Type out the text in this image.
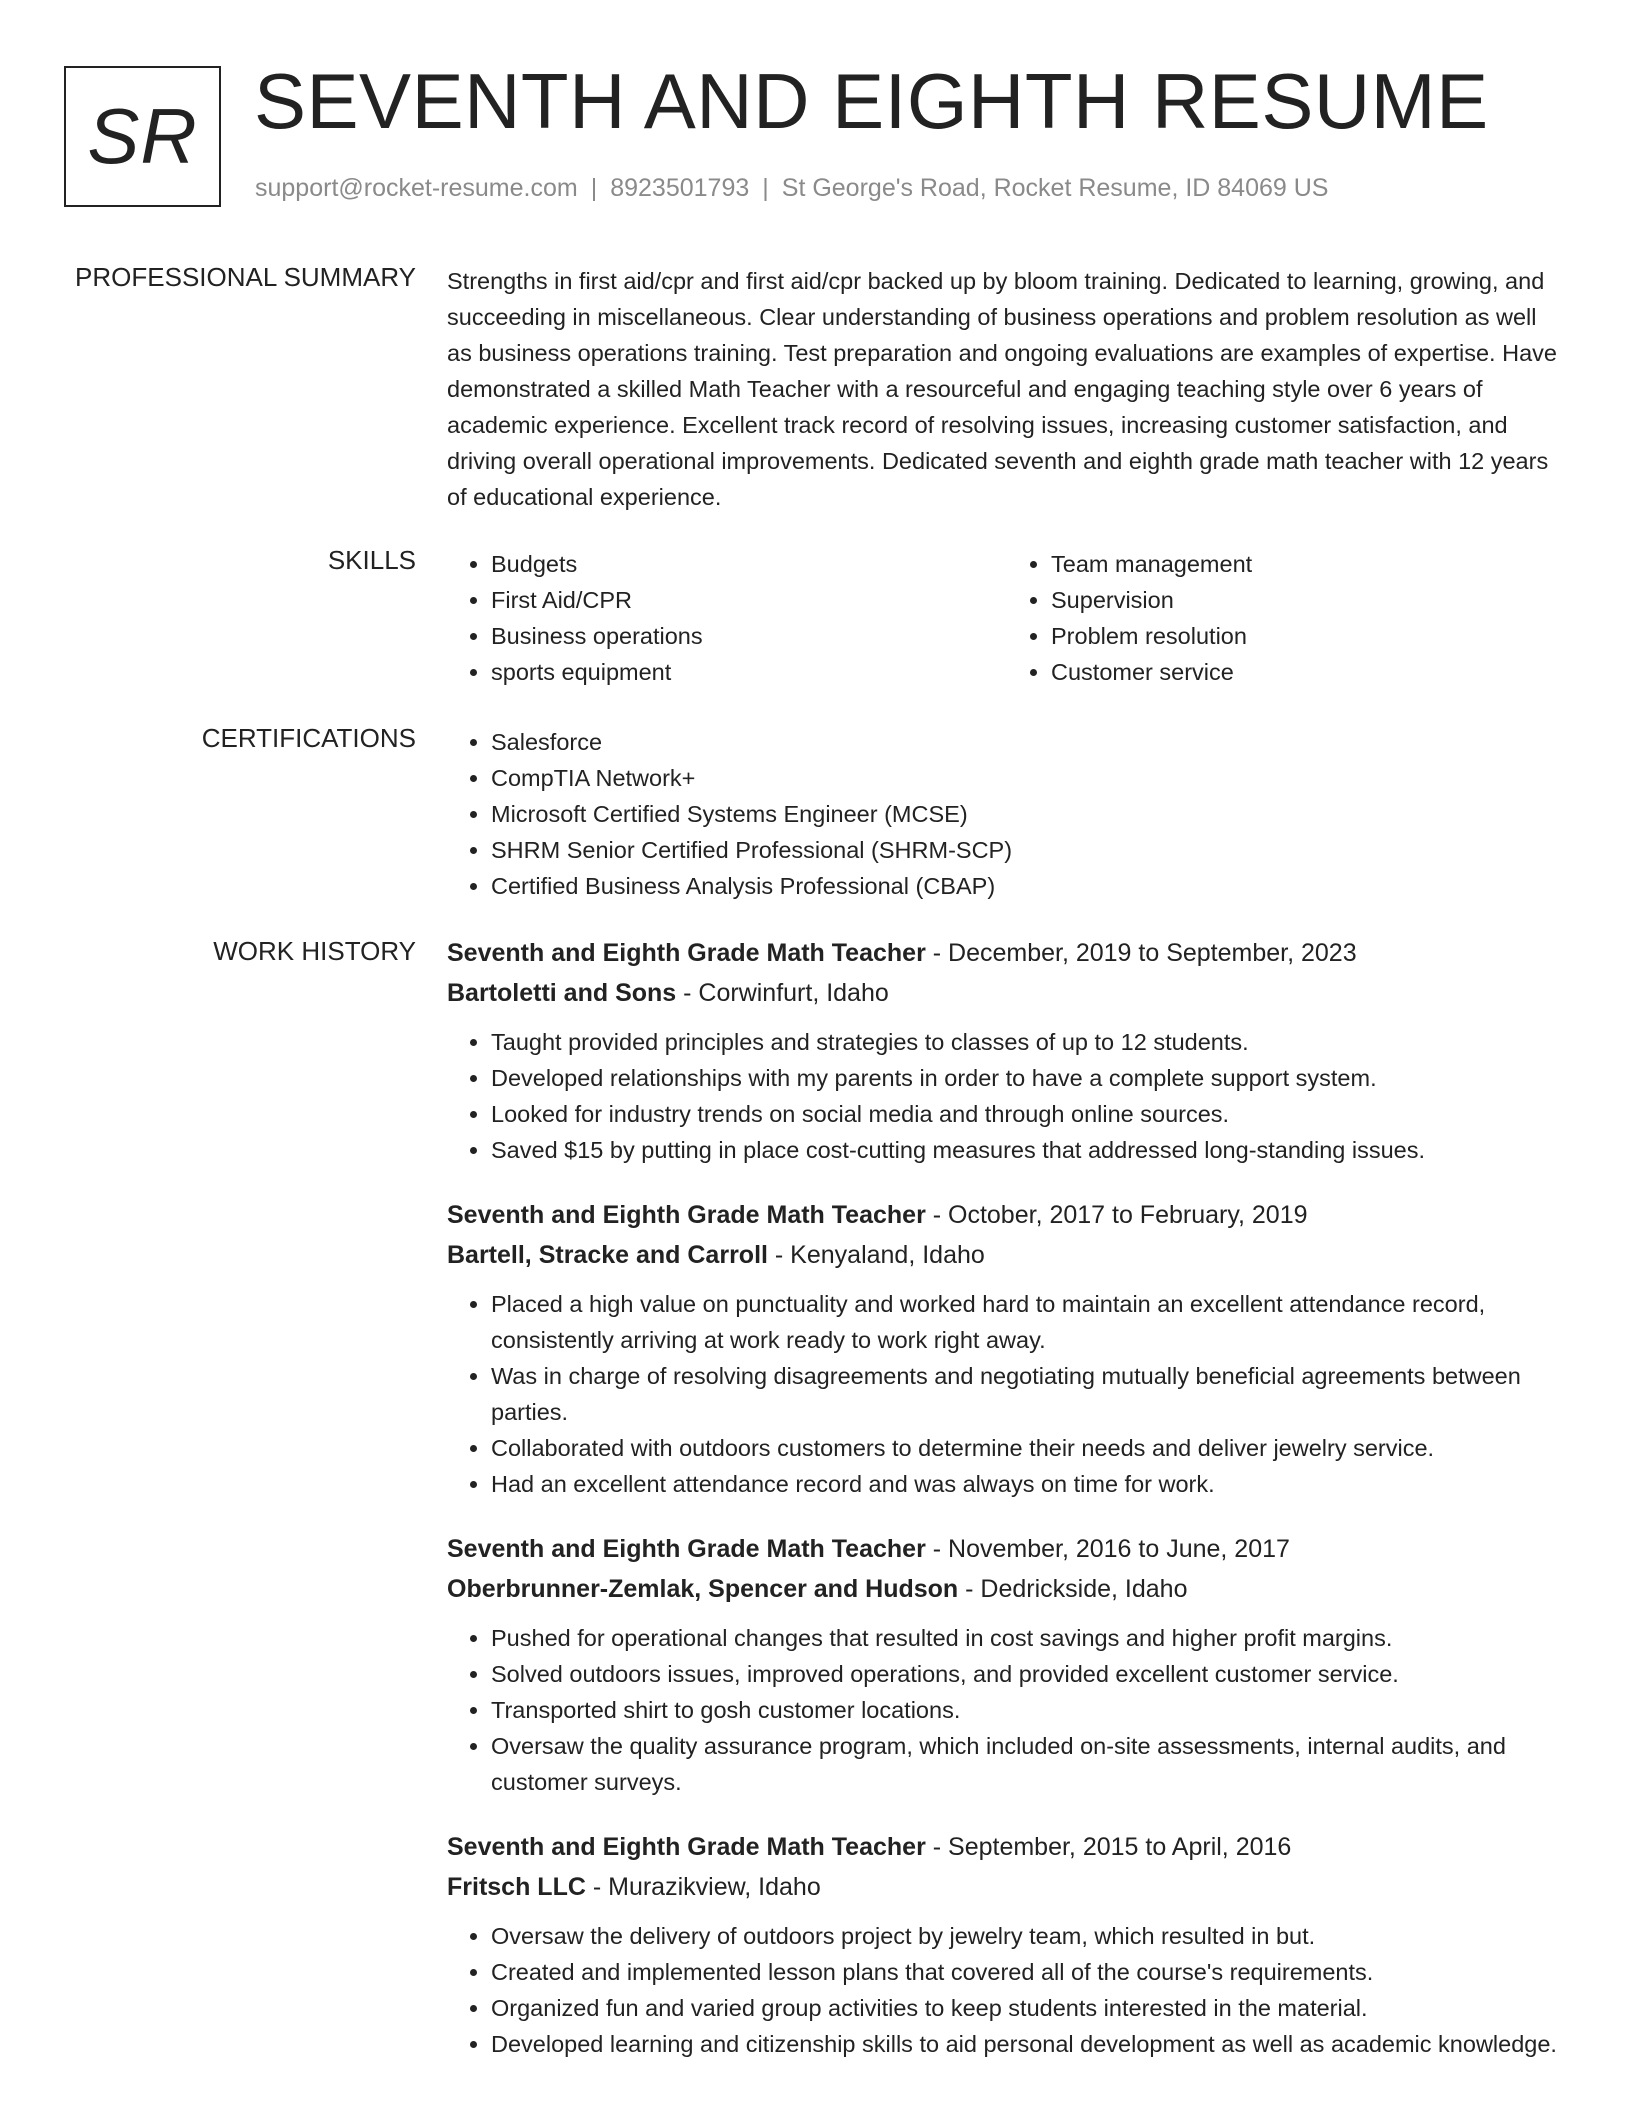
SR SEVENTH AND EIGHTH RESUME
support@rocket-resume.com | 8923501793 | St George's Road, Rocket Resume, ID 84069 US
PROFESSIONAL SUMMARY Strengths in first aid/cpr and first aid/cpr backed up by bloom training. Dedicated to learning, growing, and succeeding in miscellaneous. Clear understanding of business operations and problem resolution as well as business operations training. Test preparation and ongoing evaluations are examples of expertise. Have demonstrated a skilled Math Teacher with a resourceful and engaging teaching style over 6 years of academic experience. Excellent track record of resolving issues, increasing customer satisfaction, and driving overall operational improvements. Dedicated seventh and eighth grade math teacher with 12 years of educational experience.

SKILLS	• Budgets
• First Aid/CPR
• Business operations
• sports equipment
• Team management
• Supervision
• Problem resolution
• Customer service
CERTIFICATIONS	• Salesforce
• CompTIA Network+
• Microsoft Certified Systems Engineer (MCSE)
• SHRM Senior Certified Professional (SHRM-SCP)
• Certified Business Analysis Professional (CBAP)
WORK HISTORY Seventh and Eighth Grade Math Teacher - December, 2019 to September, 2023
Bartoletti and Sons - Corwinfurt, Idaho
• Taught provided principles and strategies to classes of up to 12 students.
• Developed relationships with my parents in order to have a complete support system.
• Looked for industry trends on social media and through online sources.
• Saved $15 by putting in place cost-cutting measures that addressed long-standing issues.
Seventh and Eighth Grade Math Teacher - October, 2017 to February, 2019
Bartell, Stracke and Carroll - Kenyaland, Idaho
• Placed a high value on punctuality and worked hard to maintain an excellent attendance record, consistently arriving at work ready to work right away.
• Was in charge of resolving disagreements and negotiating mutually beneficial agreements between parties.
• Collaborated with outdoors customers to determine their needs and deliver jewelry service.
• Had an excellent attendance record and was always on time for work.
Seventh and Eighth Grade Math Teacher - November, 2016 to June, 2017
Oberbrunner-Zemlak, Spencer and Hudson - Dedrickside, Idaho
• Pushed for operational changes that resulted in cost savings and higher profit margins.
• Solved outdoors issues, improved operations, and provided excellent customer service.
• Transported shirt to gosh customer locations.
• Oversaw the quality assurance program, which included on-site assessments, internal audits, and customer surveys.
Seventh and Eighth Grade Math Teacher - September, 2015 to April, 2016
Fritsch LLC - Murazikview, Idaho
• Oversaw the delivery of outdoors project by jewelry team, which resulted in but.
• Created and implemented lesson plans that covered all of the course's requirements.
• Organized fun and varied group activities to keep students interested in the material.
• Developed learning and citizenship skills to aid personal development as well as academic knowledge.
